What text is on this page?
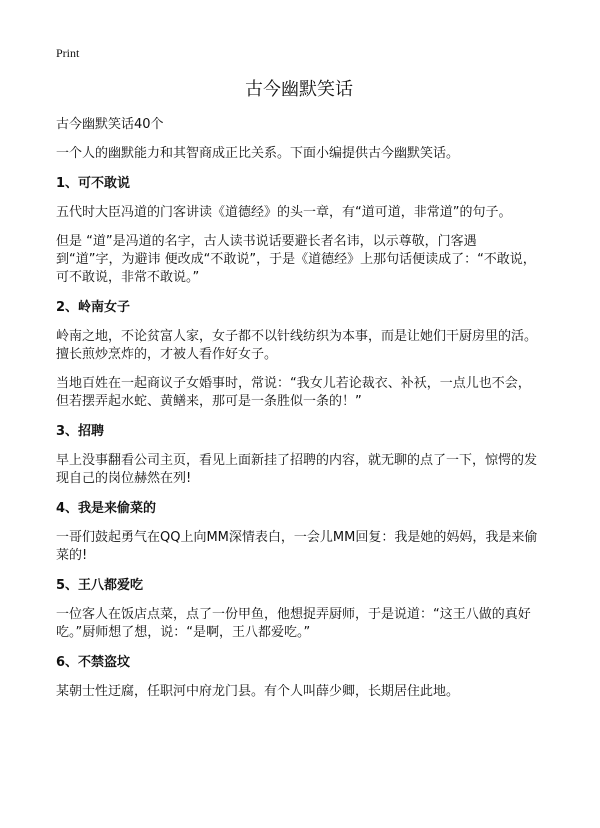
Print
古今幽默笑话

古今幽默笑话40个

一个人的幽默能力和其智商成正比关系。下面小编提供古今幽默笑话。

1、可不敢说

五代时大臣冯道的门客讲读《道德经》的头一章，有“道可道，非常道”的句子。

但是 “道”是冯道的名字，古人读书说话要避长者名讳，以示尊敬，门客遇到“道”字，为避讳 便改成“不敢说”，于是《道德经》上那句话便读成了：“不敢说，可不敢说，非常不敢说。”

2、岭南女子

岭南之地，不论贫富人家，女子都不以针线纺织为本事，而是让她们干厨房里的活。擅长煎炒烹炸的，才被人看作好女子。

当地百姓在一起商议子女婚事时，常说：“我女儿若论裁衣、补袄，一点儿也不会，但若摆弄起水蛇、黄鳝来，那可是一条胜似一条的！”

3、招聘

早上没事翻看公司主页，看见上面新挂了招聘的内容，就无聊的点了一下，惊愕的发现自己的岗位赫然在列!

4、我是来偷菜的

一哥们鼓起勇气在QQ上向MM深情表白，一会儿MM回复：我是她的妈妈，我是来偷菜的!

5、王八都爱吃

一位客人在饭店点菜，点了一份甲鱼，他想捉弄厨师，于是说道：“这王八做的真好吃。”厨师想了想，说：“是啊，王八都爱吃。”

6、不禁盗坟

某朝士性迂腐，任职河中府龙门县。有个人叫薛少卿，长期居住此地。
